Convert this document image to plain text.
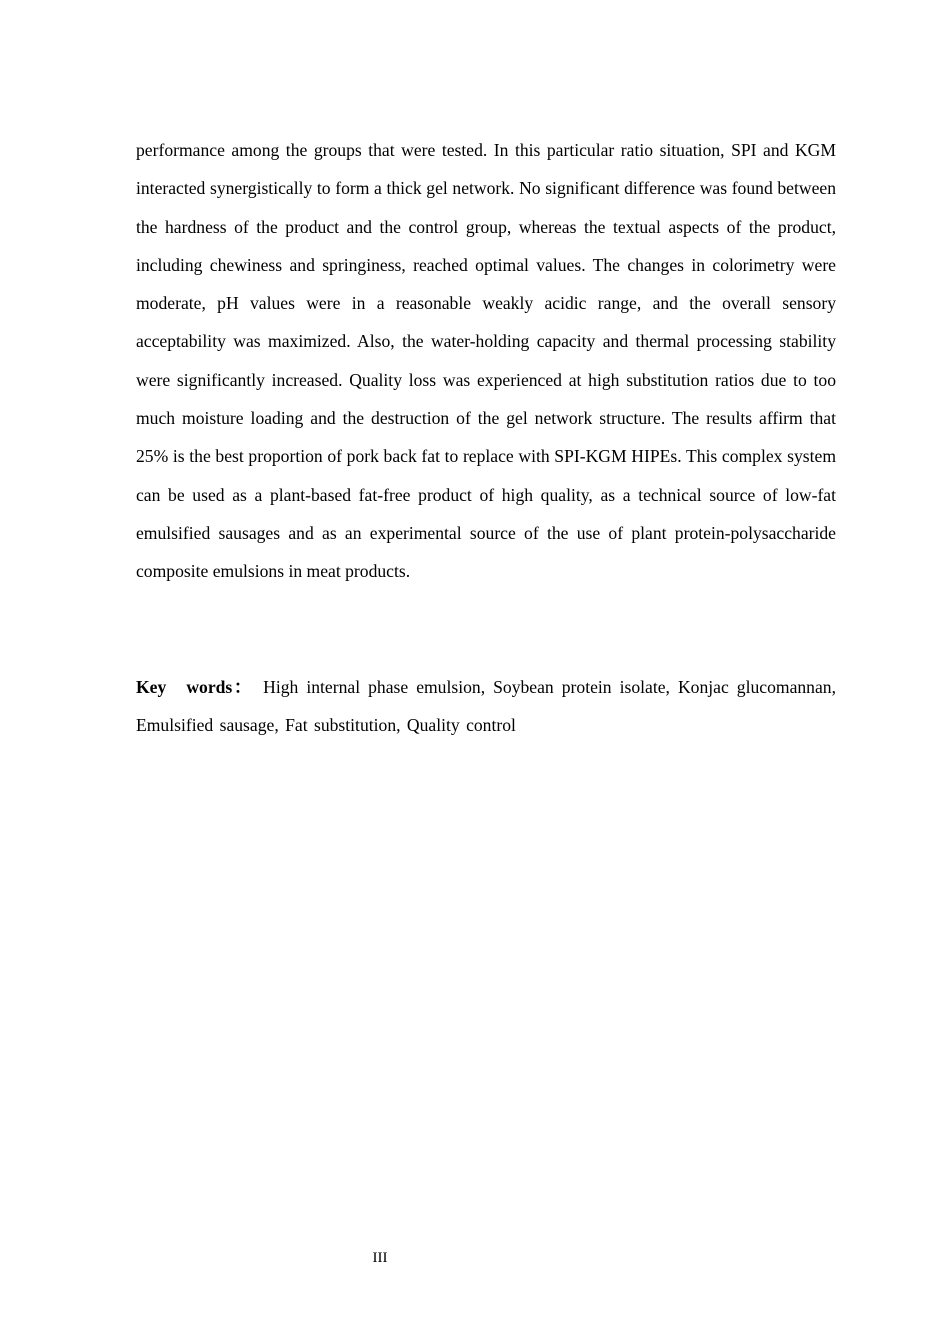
performance among the groups that were tested. In this particular ratio situation, SPI and KGM interacted synergistically to form a thick gel network. No significant difference was found between the hardness of the product and the control group, whereas the textual aspects of the product, including chewiness and springiness, reached optimal values. The changes in colorimetry were moderate, pH values were in a reasonable weakly acidic range, and the overall sensory acceptability was maximized. Also, the water-holding capacity and thermal processing stability were significantly increased. Quality loss was experienced at high substitution ratios due to too much moisture loading and the destruction of the gel network structure. The results affirm that 25% is the best proportion of pork back fat to replace with SPI-KGM HIPEs. This complex system can be used as a plant-based fat-free product of high quality, as a technical source of low-fat emulsified sausages and as an experimental source of the use of plant protein-polysaccharide composite emulsions in meat products.

Key words： High internal phase emulsion, Soybean protein isolate, Konjac glucomannan, Emulsified sausage, Fat substitution, Quality control

III
